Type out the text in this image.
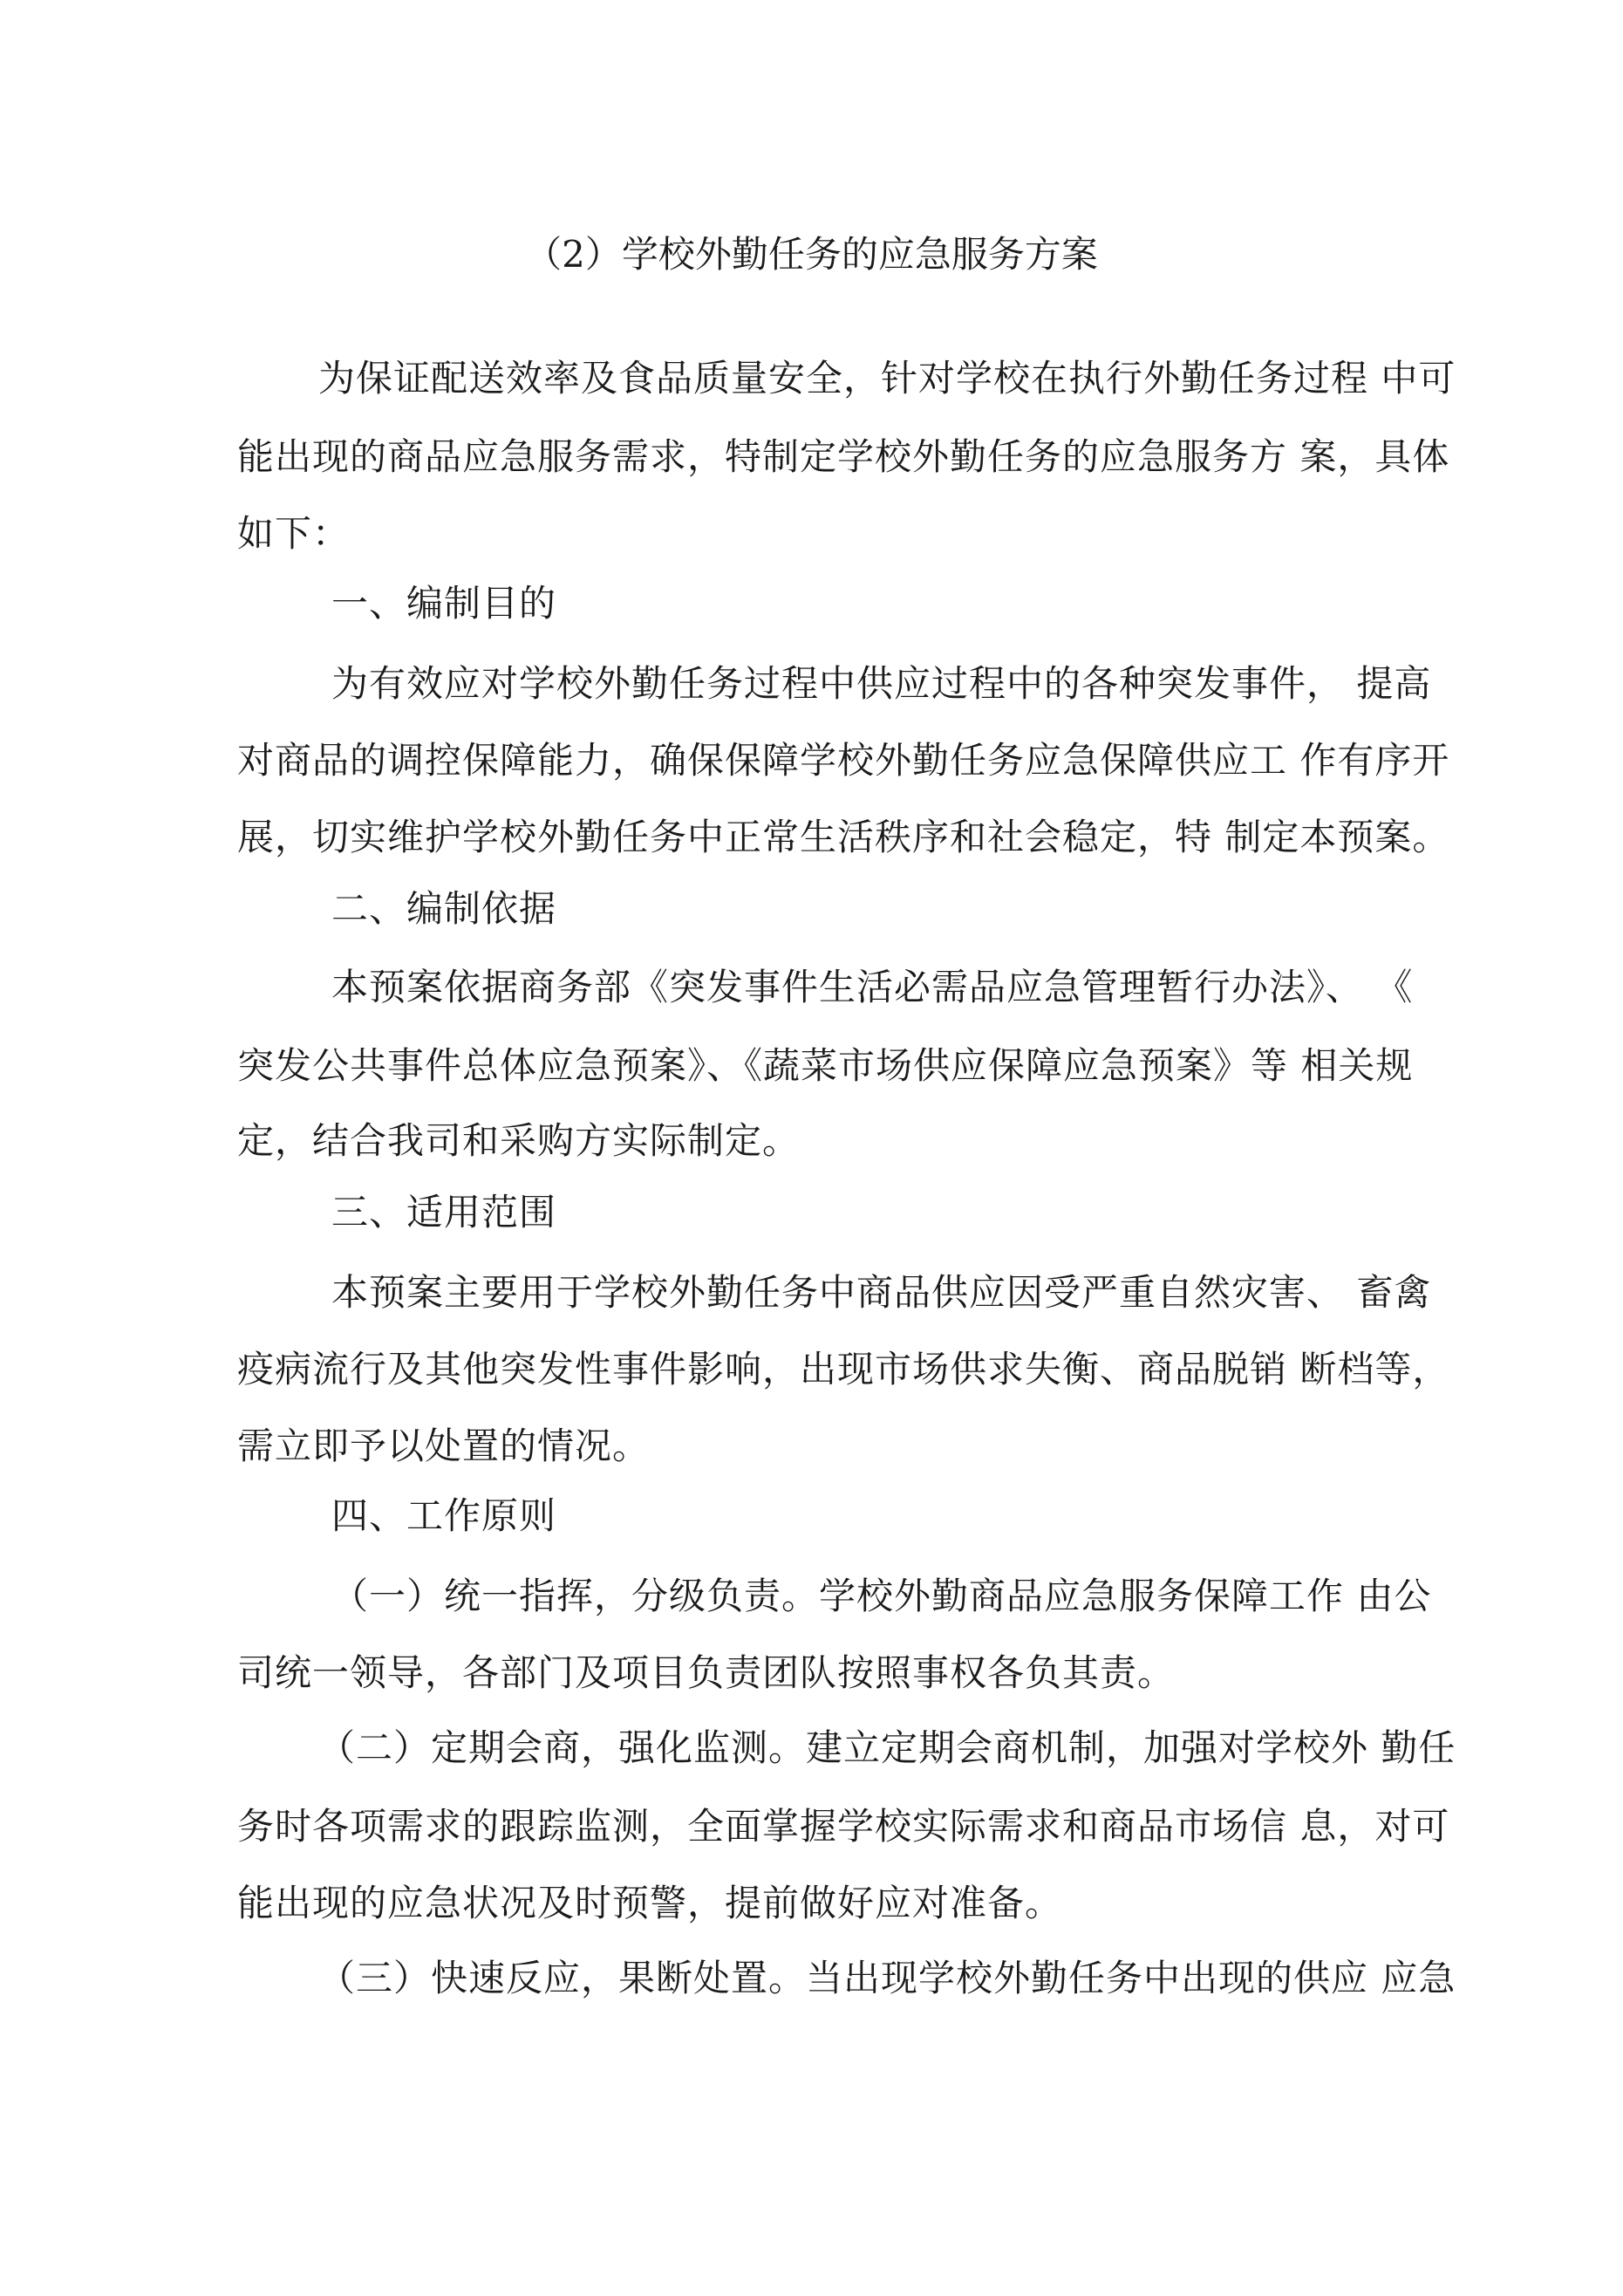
（2）学校外勤任务的应急服务方案
为保证配送效率及食品质量安全，针对学校在执行外勤任务过程 中可
能出现的商品应急服务需求，特制定学校外勤任务的应急服务方 案，具体
如下：
一、编制目的
为有效应对学校外勤任务过程中供应过程中的各种突发事件， 提高
对商品的调控保障能力，确保保障学校外勤任务应急保障供应工 作有序开
展，切实维护学校外勤任务中正常生活秩序和社会稳定，特 制定本预案。
二、编制依据
本预案依据商务部《突发事件生活必需品应急管理暂行办法》、 《
突发公共事件总体应急预案》、《蔬菜市场供应保障应急预案》等 相关规
定，结合我司和采购方实际制定。
三、适用范围
本预案主要用于学校外勤任务中商品供应因受严重自然灾害、 畜禽
疫病流行及其他突发性事件影响，出现市场供求失衡、商品脱销 断档等，
需立即予以处置的情况。
四、工作原则
（一）统一指挥，分级负责。学校外勤商品应急服务保障工作 由公
司统一领导，各部门及项目负责团队按照事权各负其责。
（二）定期会商，强化监测。建立定期会商机制，加强对学校外 勤任
务时各项需求的跟踪监测，全面掌握学校实际需求和商品市场信 息，对可
能出现的应急状况及时预警，提前做好应对准备。
（三）快速反应，果断处置。当出现学校外勤任务中出现的供应 应急
